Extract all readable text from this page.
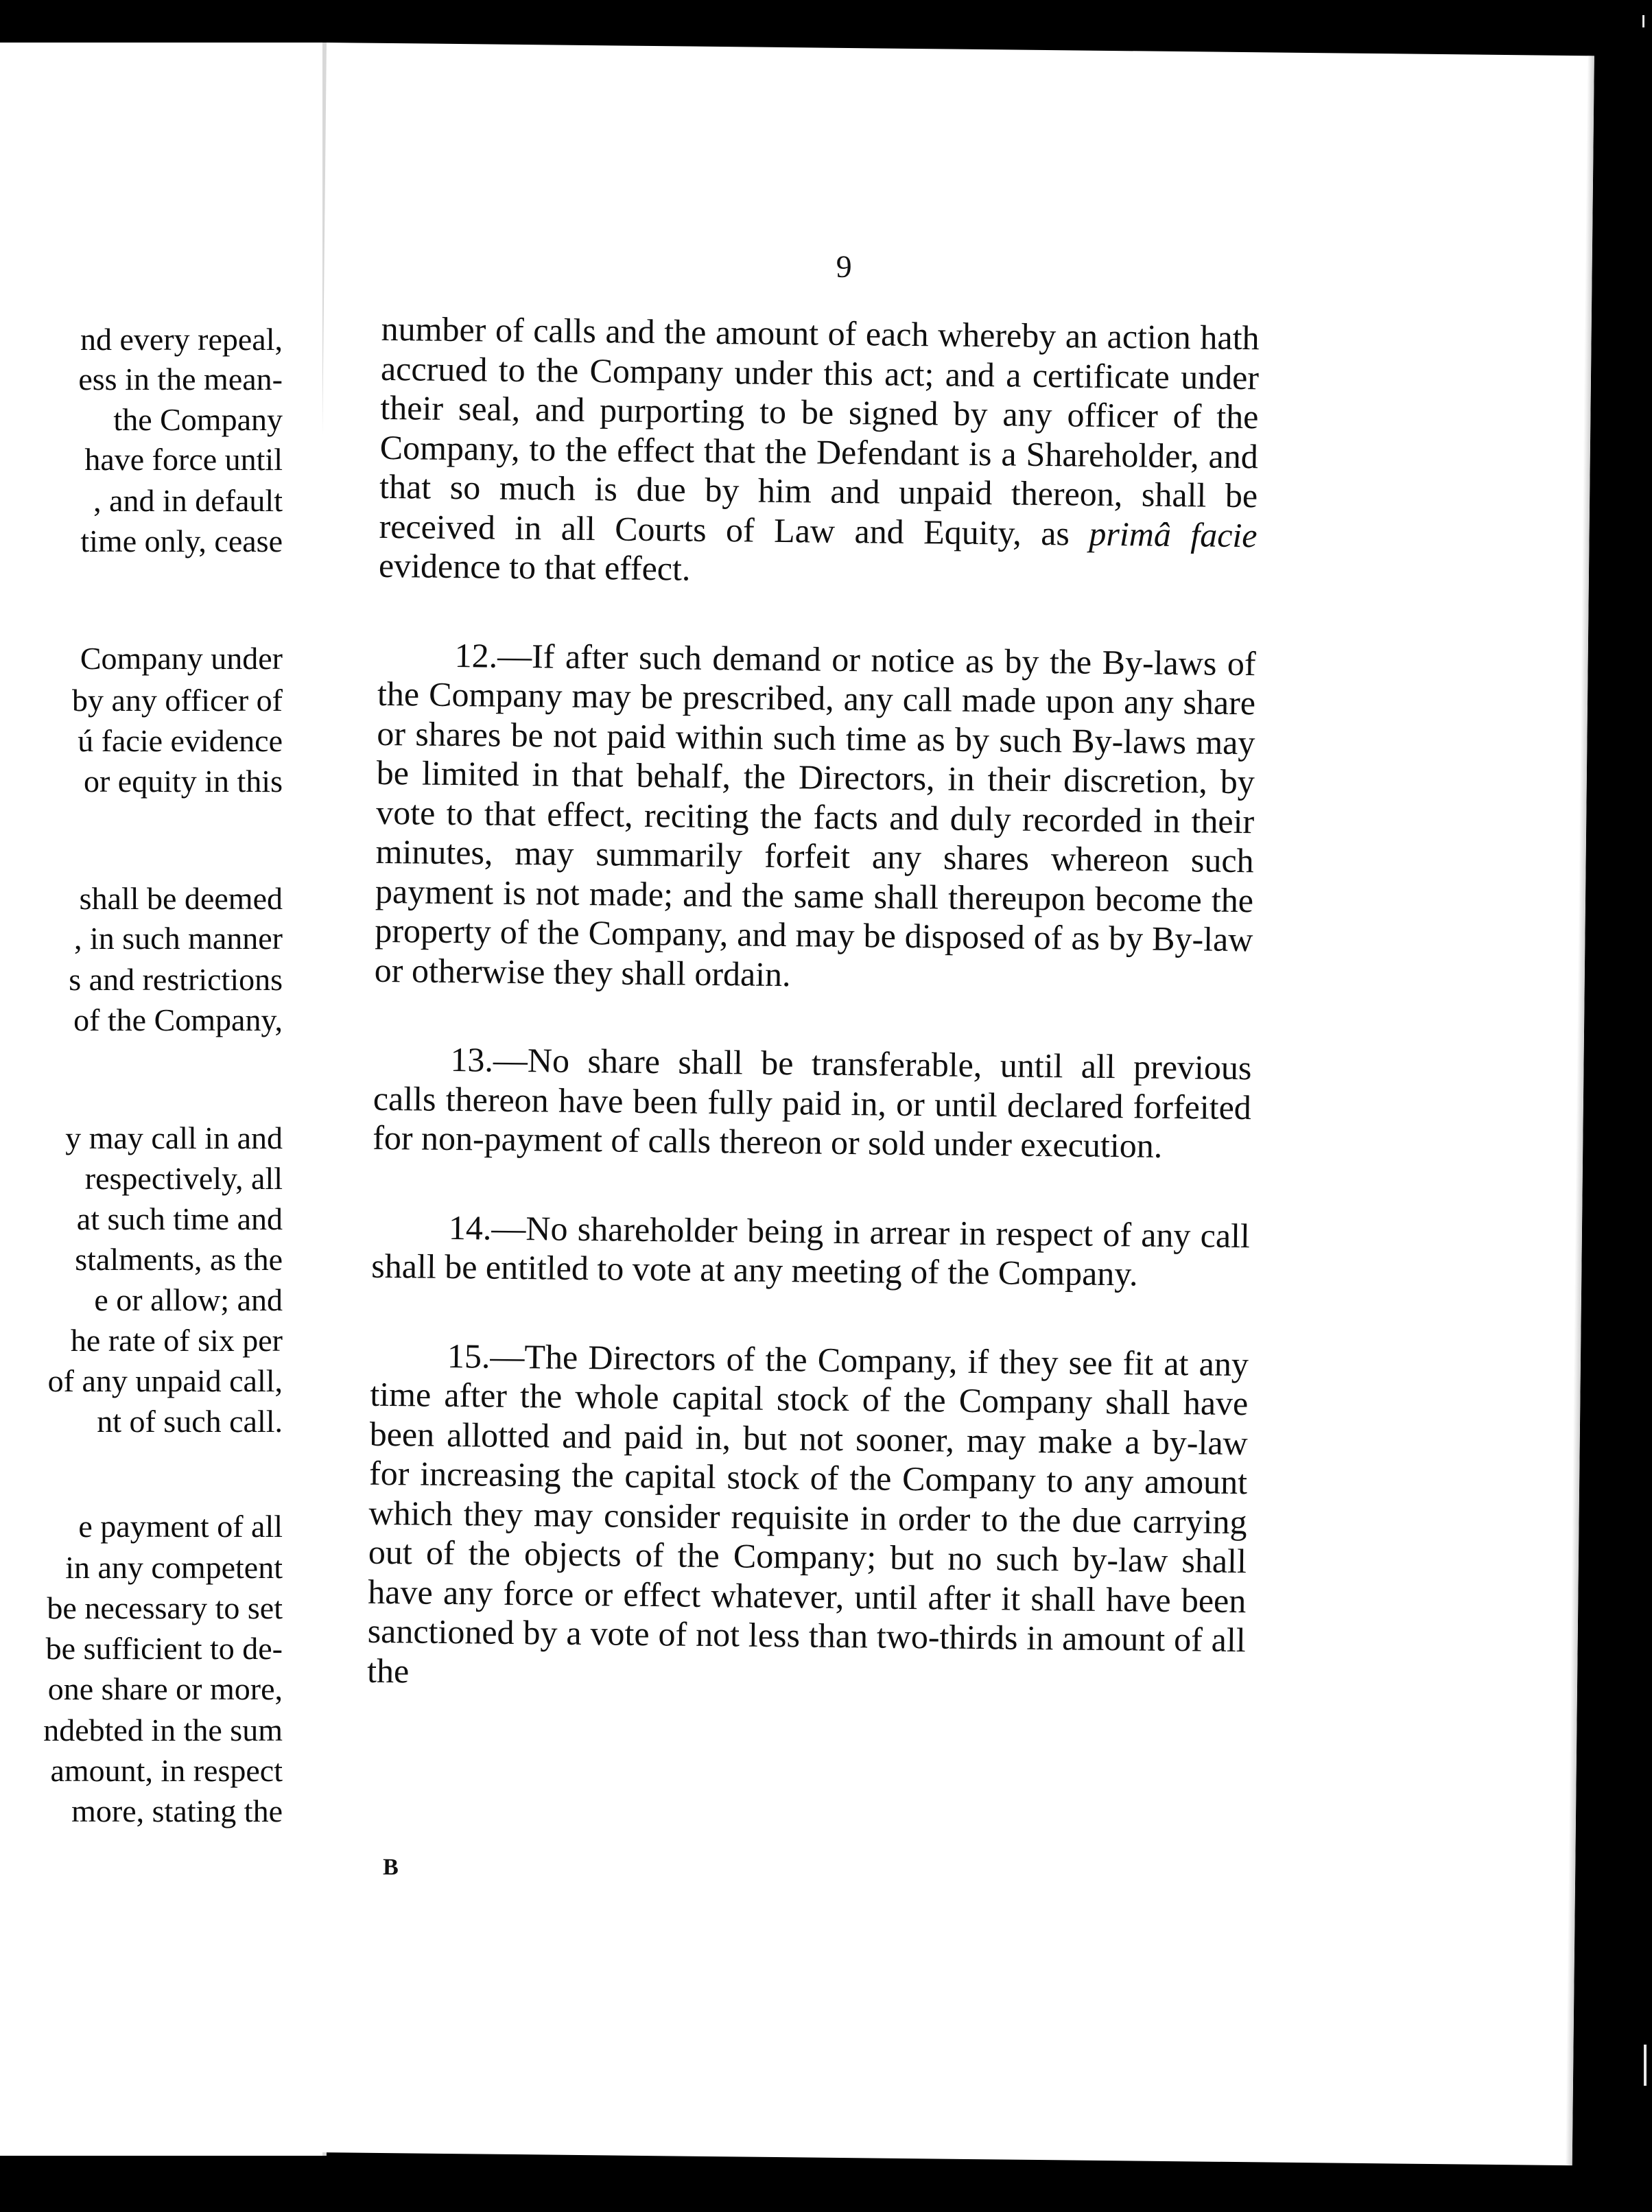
nd every repeal,
ess in the mean-
the Company
have force until
, and in default
time only, cease
Company under
by any officer of
ú facie evidence
or equity in this
shall be deemed
, in such manner
s and restrictions
of the Company,
y may call in and
respectively, all
at such time and
stalments, as the
e or allow; and
he rate of six per
of any unpaid call,
nt of such call.
e payment of all
in any competent
be necessary to set
be sufficient to de-
one share or more,
ndebted in the sum
amount, in respect
more, stating the
9

number of calls and the amount of each whereby an action hath accrued to the Company under this act; and a certificate under their seal, and purporting to be signed by any officer of the Company, to the effect that the Defendant is a Shareholder, and that so much is due by him and unpaid thereon, shall be received in all Courts of Law and Equity, as primâ facie evidence to that effect.

12.—If after such demand or notice as by the By-laws of the Company may be prescribed, any call made upon any share or shares be not paid within such time as by such By-laws may be limited in that behalf, the Directors, in their discretion, by vote to that effect, reciting the facts and duly recorded in their minutes, may summarily forfeit any shares whereon such payment is not made; and the same shall thereupon become the property of the Company, and may be disposed of as by By-law or otherwise they shall ordain.

13.—No share shall be transferable, until all previous calls thereon have been fully paid in, or until declared forfeited for non-payment of calls thereon or sold under execution.

14.—No shareholder being in arrear in respect of any call shall be entitled to vote at any meeting of the Company.

15.—The Directors of the Company, if they see fit at any time after the whole capital stock of the Company shall have been allotted and paid in, but not sooner, may make a by-law for increasing the capital stock of the Company to any amount which they may consider requisite in order to the due carrying out of the objects of the Company; but no such by-law shall have any force or effect whatever, until after it shall have been sanctioned by a vote of not less than two-thirds in amount of all the

B
